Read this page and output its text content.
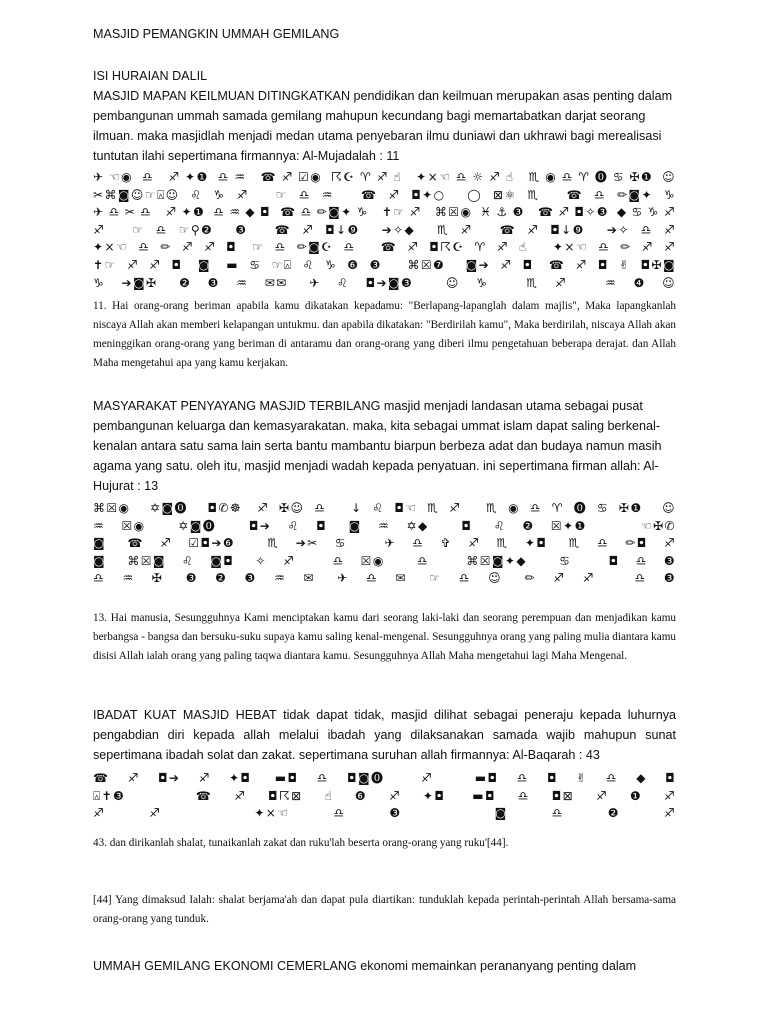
MASJID PEMANGKIN UMMAH GEMILANG
ISI HURAIAN DALIL
MASJID MAPAN KEILMUAN DITINGKATKAN pendidikan dan keilmuan merupakan asas penting dalam pembangunan ummah samada gemilang mahupun kecundang bagi memartabatkan darjat seorang ilmuan. maka masjidlah menjadi medan utama penyebaran ilmu duniawi dan ukhrawi bagi merealisasi tuntutan ilahi sepertimana firmannya: Al-Mujadalah : 11
✈︎☜︎◉︎♎︎ ♐︎✦︎❶︎♎︎♒︎ ☎︎♐︎☑︎◉︎☈︎☪︎♈︎♐︎☝︎ ✦︎×︎☜︎♎︎☼︎♐︎☝︎ ♏︎◉︎♎︎♈︎⓿︎♋︎✠︎❶︎☺︎
✂︎⌘︎◙︎☺︎☞︎⍓︎☺︎♌︎♑︎♐︎ ☞︎♎︎♒︎ ☎︎♐︎◘︎✦︎○︎◯︎⊠︎⚛︎♏︎ ☎︎♎︎✏︎◙︎✦︎♑︎
✈︎♎︎✂︎♎︎ ♐︎✦︎❶︎♎︎♒︎◆︎◘︎ ☎︎♎︎✏︎◙︎✦︎♑︎ ✝︎☞︎♐︎ ⌘︎☒︎◉︎♓︎⚓︎❸︎ ☎︎♐︎◘︎✧︎❸︎◆︎♋︎♑︎♐︎
♐︎ ☞︎♎︎☞︎⚲︎❷︎❸︎ ☎︎♐︎◘︎↓︎❾︎➔︎✧︎◆︎♏︎♐︎ ☎︎♐︎◘︎↓︎❾︎➔︎✧︎♎︎♐︎
✦︎×︎☜︎♎︎✏︎♐︎♐︎◘︎ ☞︎♎︎✏︎◙︎☪︎♎︎ ☎︎♐︎◘︎☈︎☪︎♈︎♐︎☝︎ ✦︎×︎☜︎♎︎✏︎♐︎♐︎
✝︎☞︎♐︎♐︎◘︎ ◙︎ ▬︎♋︎☞︎⍓︎♌︎♑︎❻︎❸︎ ⌘︎☒︎❼︎◙︎➔︎♐︎◘︎ ☎︎♐︎◘︎✌︎◘︎✠︎◙︎
♑︎➔︎◙︎✠︎ ❷︎❸︎♒︎✉︎✉︎ ✈︎♌︎◘︎➔︎◙︎❸︎☺︎♑︎ ♏︎♐︎ ♒︎❹︎☺︎
11. Hai orang-orang beriman apabila kamu dikatakan kepadamu: "Berlapang-lapanglah dalam majlis", Maka lapangkanlah niscaya Allah akan memberi kelapangan untukmu. dan apabila dikatakan: "Berdirilah kamu", Maka berdirilah, niscaya Allah akan meninggikan orang-orang yang beriman di antaramu dan orang-orang yang diberi ilmu pengetahuan beberapa derajat. dan Allah Maha mengetahui apa yang kamu kerjakan.
MASYARAKAT PENYAYANG MASJID TERBILANG masjid menjadi landasan utama sebagai pusat pembangunan keluarga dan kemasyarakatan. maka, kita sebagai ummat islam dapat saling berkenal-kenalan antara satu sama lain serta bantu mambantu biarpun berbeza adat dan budaya namun masih agama yang satu. oleh itu, masjid menjadi wadah kepada penyatuan. ini sepertimana firman allah: Al-Hujurat : 13
⌘︎☒︎◉︎✡︎◙︎⓿︎◘︎✆︎☸︎ ♐︎✠︎☺︎♎︎ ↓︎♌︎◘︎☜︎♏︎♐︎ ♏︎◉︎♎︎♈︎⓿︎♋︎✠︎❶︎☺︎
♒︎☒︎◉︎✡︎◙︎⓿︎◘︎➔︎♌︎◘︎ ◙︎♒︎✡︎◆︎◘︎ ♌︎❷︎☒︎✦︎❶︎ ☜︎✠︎✆︎
◙︎ ☎︎♐︎☑︎◘︎➔︎❻︎♏︎➔︎✂︎♋︎ ✈︎♎︎✞︎♐︎♏︎✦︎◘︎ ♏︎♎︎✏︎◘︎♐︎
◙︎ ⌘︎☒︎◙︎♌︎◙︎◘︎ ✧︎♐︎ ♎︎☒︎◉︎♎︎ ⌘︎☒︎◙︎✦︎◆︎♋︎ ◘︎♎︎❸︎
♎︎♒︎✠︎ ❸︎❷︎❸︎♒︎✉︎ ✈︎♎︎✉︎ ☞︎♎︎☺︎ ✏︎♐︎♐︎ ♎︎❸︎
13. Hai manusia, Sesungguhnya Kami menciptakan kamu dari seorang laki-laki dan seorang perempuan dan menjadikan kamu berbangsa - bangsa dan bersuku-suku supaya kamu saling kenal-mengenal. Sesungguhnya orang yang paling mulia diantara kamu disisi Allah ialah orang yang paling taqwa diantara kamu. Sesungguhnya Allah Maha mengetahui lagi Maha Mengenal.
IBADAT KUAT MASJID HEBAT tidak dapat tidak, masjid dilihat sebagai peneraju kepada luhurnya pengabdian diri kepada allah melalui ibadah yang dilaksanakan samada wajib mahupun sunat sepertimana ibadah solat dan zakat. sepertimana suruhan allah firmannya: Al-Baqarah : 43
☎︎♐︎◘︎➔︎♐︎✦︎◘︎ ▬︎◘︎♎︎◘︎◙︎⓿︎♐︎ ▬︎◘︎♎︎◘︎✌︎♎︎◆︎◘︎
⍓︎✝︎❸︎ ☎︎♐︎◘︎☈︎⊠︎☝︎❻︎♐︎✦︎◘︎ ▬︎◘︎♎︎◘︎⊠︎♐︎❶︎♐︎
♐︎♐︎ ✦︎×︎☜︎♎︎❸︎ ◙︎♎︎❷︎♐︎
43. dan dirikanlah shalat, tunaikanlah zakat dan ruku'lah beserta orang-orang yang ruku'[44].
[44] Yang dimaksud Ialah: shalat berjama'ah dan dapat pula diartikan: tunduklah kepada perintah-perintah Allah bersama-sama orang-orang yang tunduk.
UMMAH GEMILANG EKONOMI CEMERLANG ekonomi memainkan perananyang penting dalam
